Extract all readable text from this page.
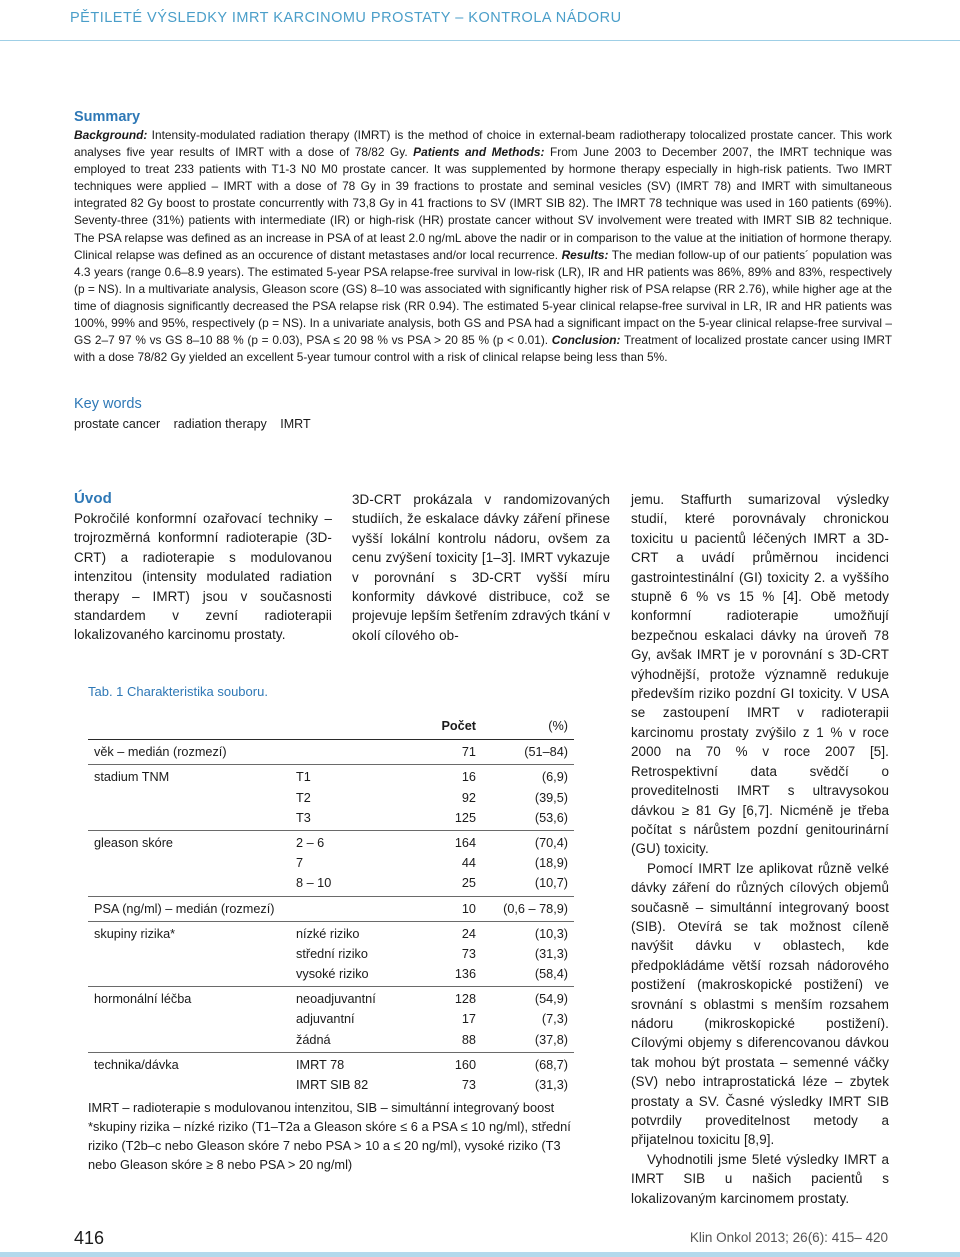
PĚTILETÉ VÝSLEDKY IMRT KARCINOMU PROSTATY – KONTROLA NÁDORU
Summary
Background: Intensity-modulated radiation therapy (IMRT) is the method of choice in external-beam radiotherapy tolocalized prostate cancer. This work analyses five year results of IMRT with a dose of 78/82 Gy. Patients and Methods: From June 2003 to December 2007, the IMRT technique was employed to treat 233 patients with T1-3 N0 M0 prostate cancer. It was supplemented by hormone therapy especially in high-risk patients. Two IMRT techniques were applied – IMRT with a dose of 78 Gy in 39 fractions to prostate and seminal vesicles (SV) (IMRT 78) and IMRT with simultaneous integrated 82 Gy boost to prostate concurrently with 73,8 Gy in 41 fractions to SV (IMRT SIB 82). The IMRT 78 technique was used in 160 patients (69%). Seventy-three (31%) patients with intermediate (IR) or high-risk (HR) prostate cancer without SV involvement were treated with IMRT SIB 82 technique. The PSA relapse was defined as an increase in PSA of at least 2.0 ng/mL above the nadir or in comparison to the value at the initiation of hormone therapy. Clinical relapse was defined as an occurence of distant metastases and/or local recurrence. Results: The median follow-up of our patients´ population was 4.3 years (range 0.6–8.9 years). The estimated 5-year PSA relapse-free survival in low-risk (LR), IR and HR patients was 86%, 89% and 83%, respectively (p = NS). In a multivariate analysis, Gleason score (GS) 8–10 was associated with significantly higher risk of PSA relapse (RR 2.76), while higher age at the time of diagnosis significantly decreased the PSA relapse risk (RR 0.94). The estimated 5-year clinical relapse-free survival in LR, IR and HR patients was 100%, 99% and 95%, respectively (p = NS). In a univariate analysis, both GS and PSA had a significant impact on the 5-year clinical relapse-free survival – GS 2–7 97 % vs GS 8–10 88 % (p = 0.03), PSA ≤ 20 98 % vs PSA > 20 85 % (p < 0.01). Conclusion: Treatment of localized prostate cancer using IMRT with a dose 78/82 Gy yielded an excellent 5-year tumour control with a risk of clinical relapse being less than 5%.
Key words
prostate cancer radiation therapy IMRT
Úvod
Pokročilé konformní ozařovací techniky – trojrozměrná konformní radioterapie (3D-CRT) a radioterapie s modulovanou intenzitou (intensity modulated radiation therapy – IMRT) jsou v současnosti standardem v zevní radioterapii lokalizovaného karcinomu prostaty.
3D-CRT prokázala v randomizovaných studiích, že eskalace dávky záření přinese vyšší lokální kontrolu nádoru, ovšem za cenu zvýšení toxicity [1–3]. IMRT vykazuje v porovnání s 3D-CRT vyšší míru konformity dávkové distribuce, což se projevuje lepším šetřením zdravých tkání v okolí cílového ob-
jemu. Staffurth sumarizoval výsledky studií, které porovnávaly chronickou toxicitu u pacientů léčených IMRT a 3D-CRT a uvádí průměrnou incidenci gastrointestinální (GI) toxicity 2. a vyššího stupně 6 % vs 15 % [4]. Obě metody konformní radioterapie umožňují bezpečnou eskalaci dávky na úroveň 78 Gy, avšak IMRT je v porovnání s 3D-CRT výhodnější, protože významně redukuje především riziko pozdní GI toxicity. V USA se zastoupení IMRT v radioterapii karcinomu prostaty zvýšilo z 1 % v roce 2000 na 70 % v roce 2007 [5]. Retrospektivní data svědčí o proveditelnosti IMRT s ultravysokou dávkou ≥ 81 Gy [6,7]. Nicméně je třeba počítat s nárůstem pozdní genitourinární (GU) toxicity.
Pomocí IMRT lze aplikovat různě velké dávky záření do různých cílových objemů současně – simultánní integrovaný boost (SIB). Otevírá se tak možnost cíleně navýšit dávku v oblastech, kde předpokládáme větší rozsah nádorového postižení (makroskopické postižení) ve srovnání s oblastmi s menším rozsahem nádoru (mikroskopické postižení). Cílovými objemy s diferencovanou dávkou tak mohou být prostata – semenné váčky (SV) nebo intraprostatická léze – zbytek prostaty a SV. Časné výsledky IMRT SIB potvrdily proveditelnost metody a přijatelnou toxicitu [8,9].
Vyhodnotili jsme 5leté výsledky IMRT a IMRT SIB u našich pacientů s lokalizovaným karcinomem prostaty.
Tab. 1 Charakteristika souboru.
Počet	(%)
věk – medián (rozmezí)	71	(51–84)
stadium TNM	T1	16	(6,9)
T2	92	(39,5)
T3	125	(53,6)
gleason skóre	2 – 6	164	(70,4)
7	44	(18,9)
8 – 10	25	(10,7)
PSA (ng/ml) – medián (rozmezí)	10 (0,6 – 78,9)
skupiny rizika*	nízké riziko	24	(10,3)
střední riziko	73	(31,3)
vysoké riziko	136	(58,4)
hormonální léčba	neoadjuvantní	128	(54,9)
adjuvantní	17	(7,3)
žádná	88	(37,8)
technika/dávka	IMRT 78	160	(68,7)
IMRT SIB 82	73	(31,3)
IMRT – radioterapie s modulovanou intenzitou, SIB – simultánní integrovaný boost
*skupiny rizika – nízké riziko (T1–T2a a Gleason skóre ≤ 6 a PSA ≤ 10 ng/ml), střední riziko (T2b–c nebo Gleason skóre 7 nebo PSA > 10 a ≤ 20 ng/ml), vysoké riziko (T3 nebo Gleason skóre ≥ 8 nebo PSA > 20 ng/ml)
416	Klin Onkol 2013; 26(6): 415– 420
